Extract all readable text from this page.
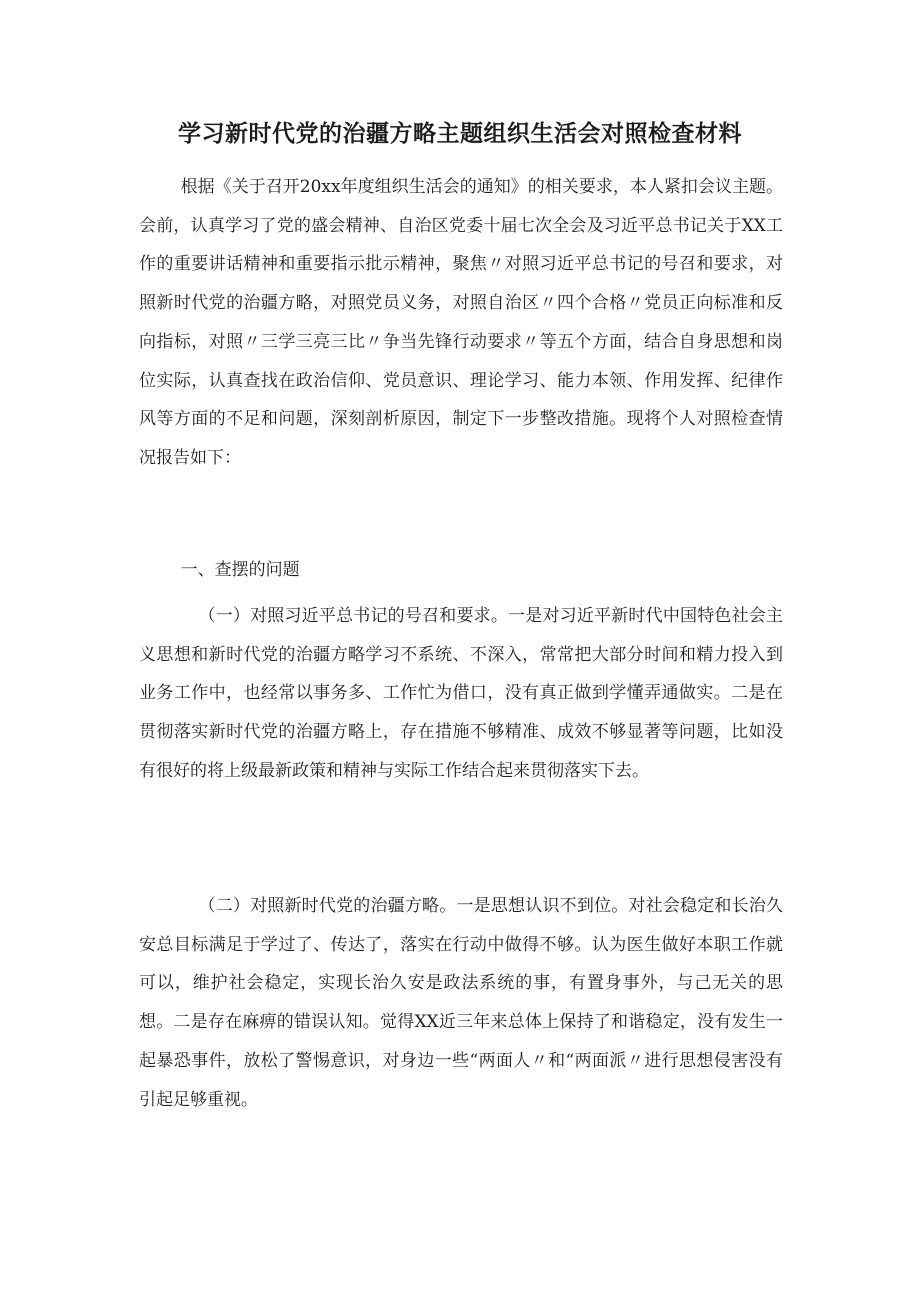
学习新时代党的治疆方略主题组织生活会对照检查材料

根据《关于召开20xx年度组织生活会的通知》的相关要求，本人紧扣会议主题。会前，认真学习了党的盛会精神、自治区党委十届七次全会及习近平总书记关于XX工作的重要讲话精神和重要指示批示精神，聚焦〃对照习近平总书记的号召和要求，对照新时代党的治疆方略，对照党员义务，对照自治区〃四个合格〃党员正向标准和反向指标，对照〃三学三亮三比〃争当先锋行动要求〃等五个方面，结合自身思想和岗位实际，认真查找在政治信仰、党员意识、理论学习、能力本领、作用发挥、纪律作风等方面的不足和问题，深刻剖析原因，制定下一步整改措施。现将个人对照检查情况报告如下：

一、查摆的问题

（一）对照习近平总书记的号召和要求。一是对习近平新时代中国特色社会主义思想和新时代党的治疆方略学习不系统、不深入，常常把大部分时间和精力投入到业务工作中，也经常以事务多、工作忙为借口，没有真正做到学懂弄通做实。二是在贯彻落实新时代党的治疆方略上，存在措施不够精准、成效不够显著等问题，比如没有很好的将上级最新政策和精神与实际工作结合起来贯彻落实下去。

（二）对照新时代党的治疆方略。一是思想认识不到位。对社会稳定和长治久安总目标满足于学过了、传达了，落实在行动中做得不够。认为医生做好本职工作就可以，维护社会稳定，实现长治久安是政法系统的事，有置身事外，与己无关的思想。二是存在麻痹的错误认知。觉得XX近三年来总体上保持了和谐稳定，没有发生一起暴恐事件，放松了警惕意识，对身边一些“两面人〃和“两面派〃进行思想侵害没有引起足够重视。
